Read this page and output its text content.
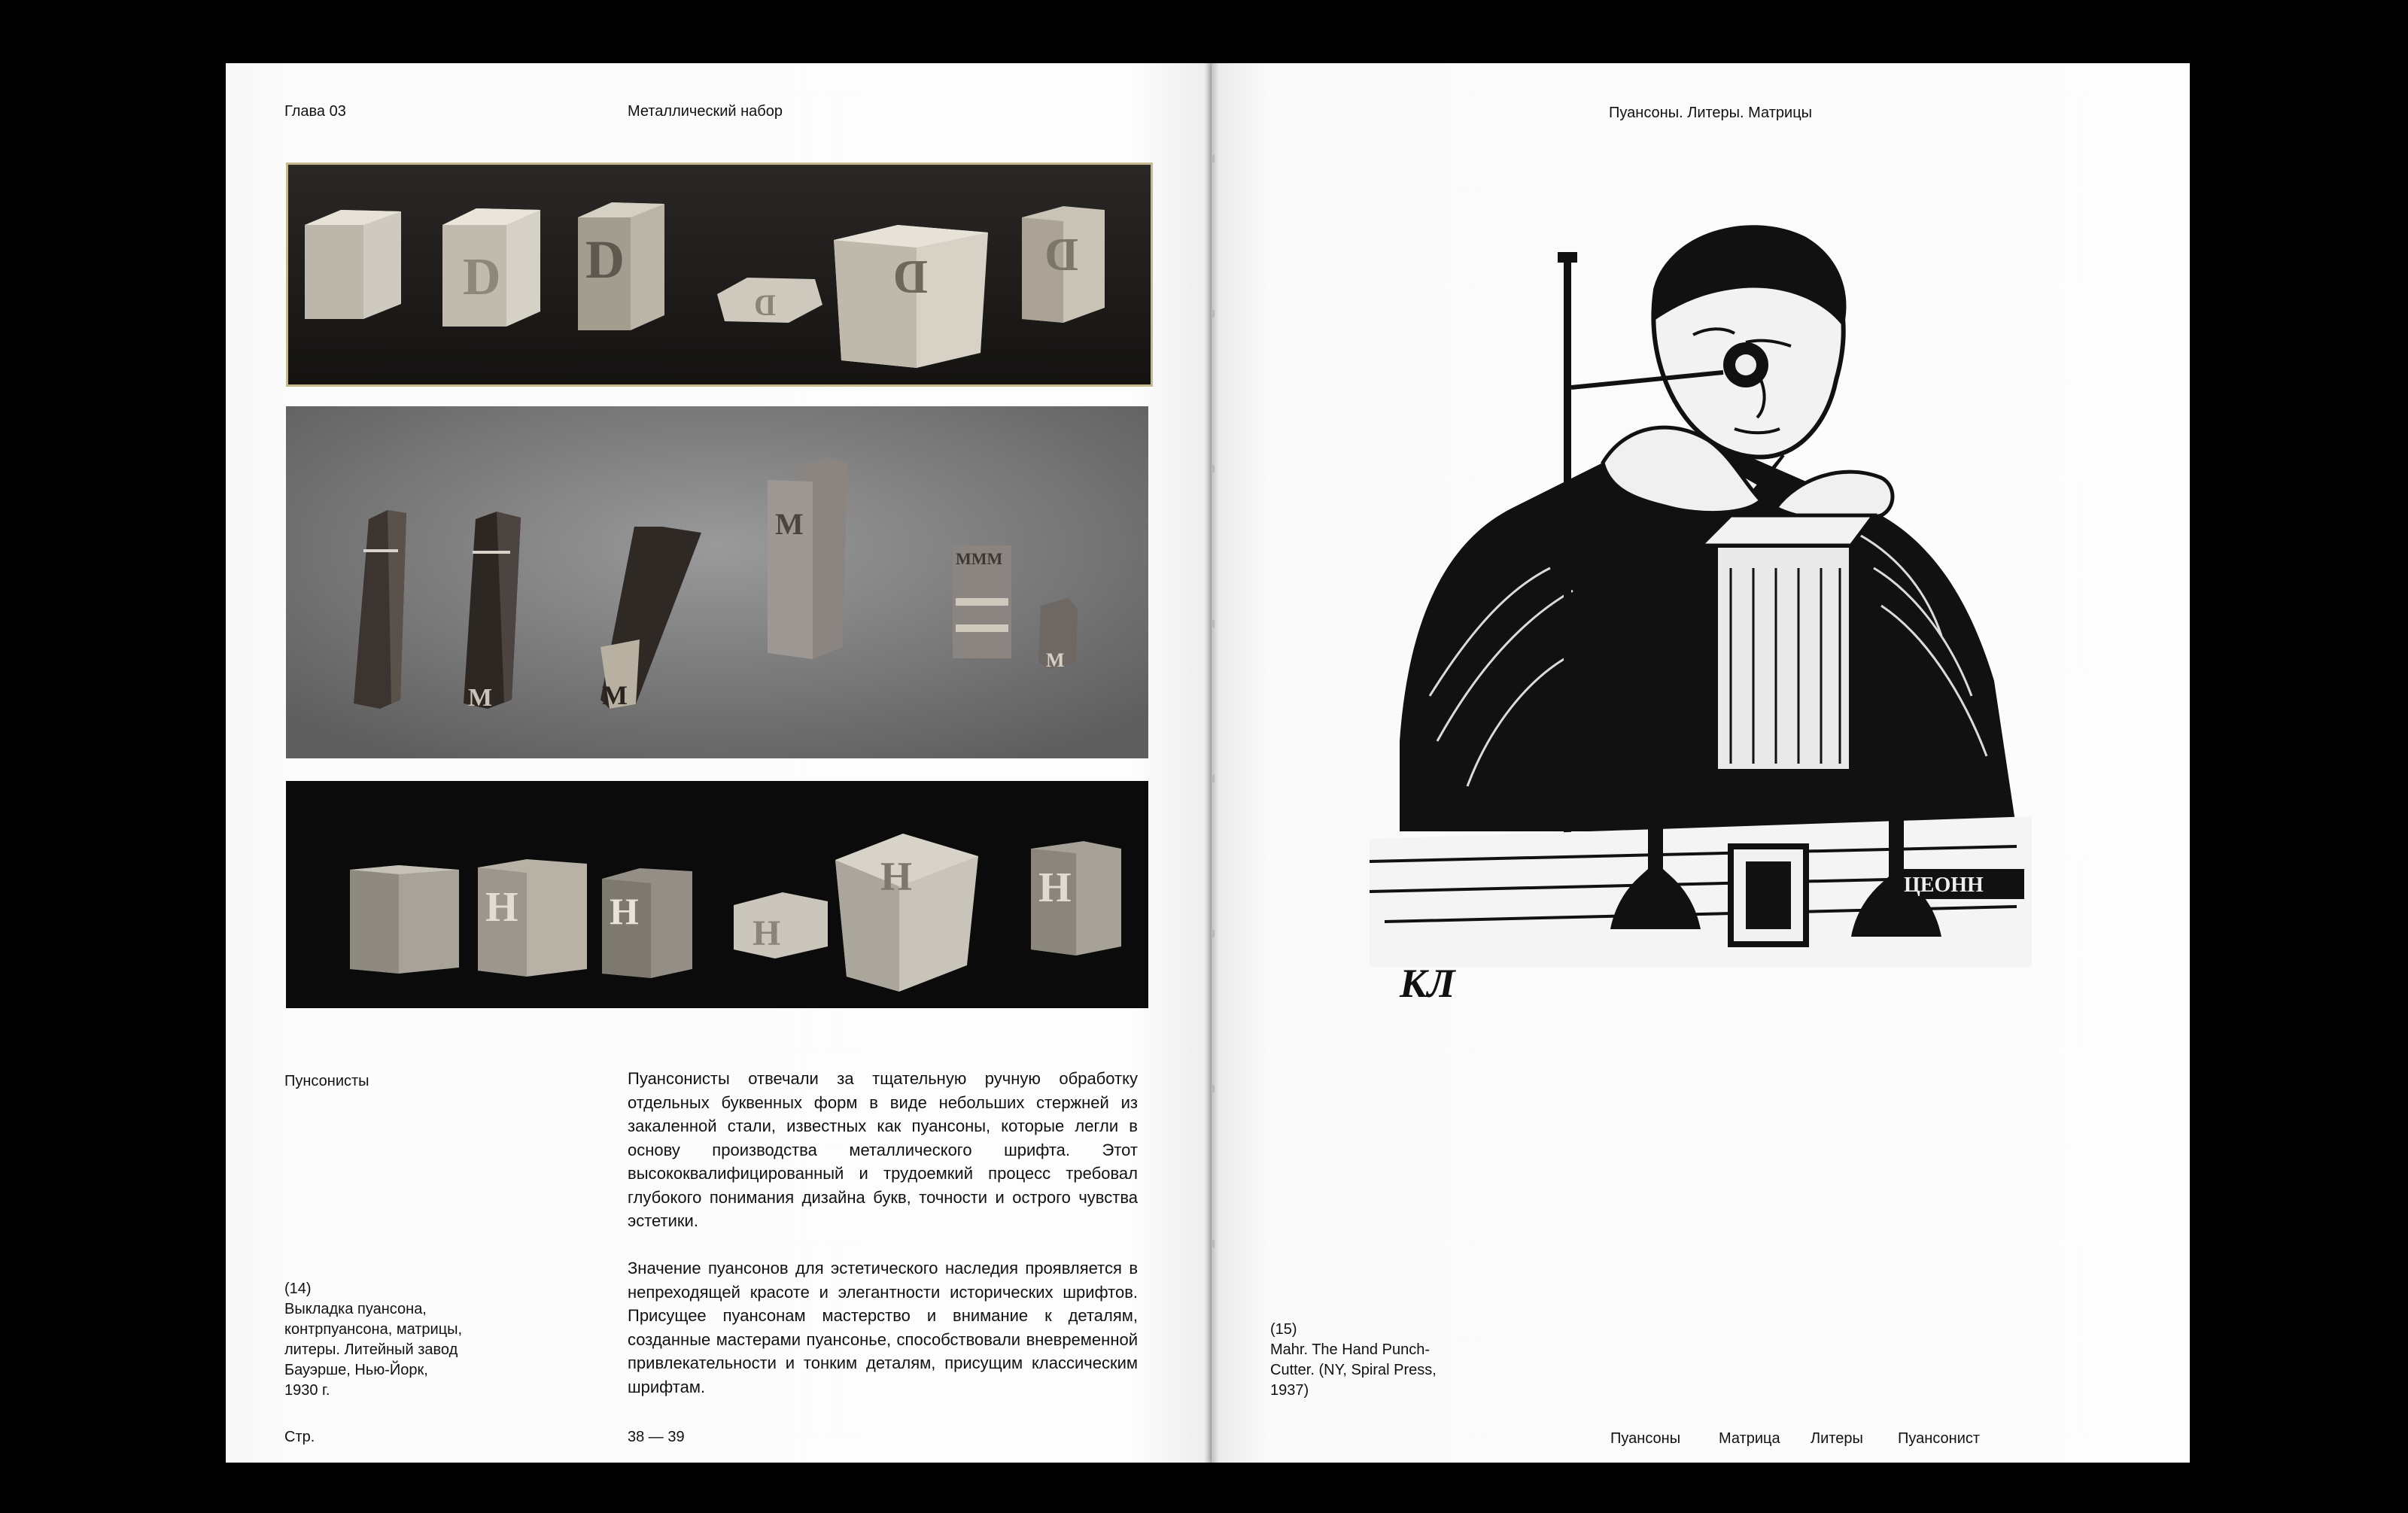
Глава 03	Металлический набор
D D
D
D	D
M	M
M
MMM
M
H H
H
H	H
Пунсонисты	Пуансонисты отвечали за тщательную ручную обработку отдельных буквенных форм в виде небольших стержней из закаленной стали, известных как пуансоны, которые легли в основу производства металлического шрифта. Этот высококвалифицированный и трудоемкий процесс требовал глубокого понимания дизайна букв, точности и острого чувства эстетики.
Значение пуансонов для эстетического наследия проявляется в непреходящей красоте и элегантности исторических шрифтов. Присущее пуансонам мастерство и внимание к деталям, созданные мастерами пуансонье, способствовали вневременной привлекательности и тонким деталям, присущим классическим шрифтам.
(14)
Выкладка пуансона,
контрпуансона, матрицы,
литеры. Литейный завод
Бауэрше, Нью-Йорк,
1930 г.
Стр.	38 — 39
Пуансоны. Литеры. Матрицы
ЦЕОНН
КЛ
(15)
Mahr. The Hand Punch-
Cutter. (NY, Spiral Press,
1937)
Пуансоны	Матрица Литеры Пуансонист
